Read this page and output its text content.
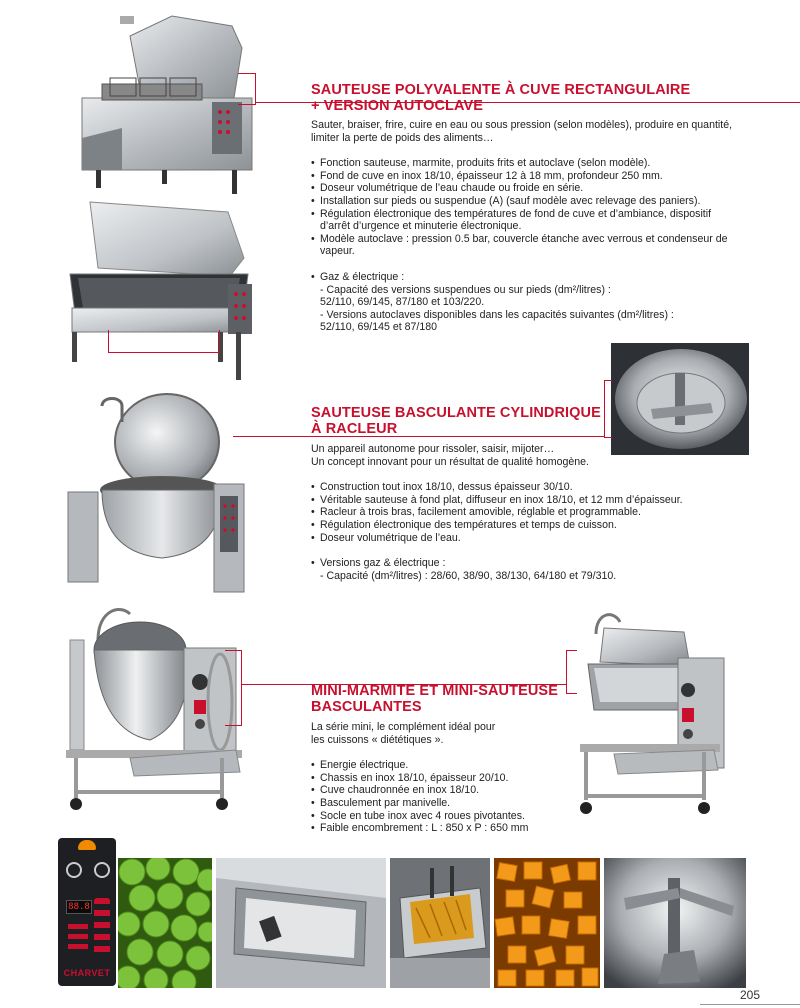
SAUTEUSE POLYVALENTE À CUVE RECTANGULAIRE
+ VERSION AUTOCLAVE

Sauter, braiser, frire, cuire en eau ou sous pression (selon modèles), produire en quantité, limiter la perte de poids des aliments…

• Fonction sauteuse, marmite, produits frits et autoclave (selon modèle).
• Fond de cuve en inox 18/10, épaisseur 12 à 18 mm, profondeur 250 mm.
• Doseur volumétrique de l’eau chaude ou froide en série.
• Installation sur pieds ou suspendue (A) (sauf modèle avec relevage des paniers).
• Régulation électronique des températures de fond de cuve et d’ambiance, dispositif d’arrêt d’urgence et minuterie électronique.
• Modèle autoclave : pression 0.5 bar, couvercle étanche avec verrous et condenseur de vapeur.
• Gaz & électrique :
- Capacité des versions suspendues ou sur pieds (dm²/litres) :
52/110, 69/145, 87/180 et 103/220.
- Versions autoclaves disponibles dans les capacités suivantes (dm²/litres) :
52/110, 69/145 et 87/180
SAUTEUSE BASCULANTE CYLINDRIQUE
À RACLEUR

Un appareil autonome pour rissoler, saisir, mijoter…

Un concept innovant pour un résultat de qualité homogène.

• Construction tout inox 18/10, dessus épaisseur 30/10.
• Véritable sauteuse à fond plat, diffuseur en inox 18/10, et 12 mm d’épaisseur.
• Racleur à trois bras, facilement amovible, réglable et programmable.
• Régulation électronique des températures et temps de cuisson.
• Doseur volumétrique de l’eau.
• Versions gaz & électrique :
- Capacité (dm²/litres) : 28/60, 38/90, 38/130, 64/180 et 79/310.
MINI-MARMITE ET MINI-SAUTEUSE
BASCULANTES

La série mini, le complément idéal pour

les cuissons « diététiques ».

• Energie électrique.
• Chassis en inox 18/10, épaisseur 20/10.
• Cuve chaudronnée en inox 18/10.
• Basculement par manivelle.
• Socle en tube inox avec 4 roues pivotantes.
• Faible encombrement : L : 850 x P : 650 mm
88.8
CHARVET
205
